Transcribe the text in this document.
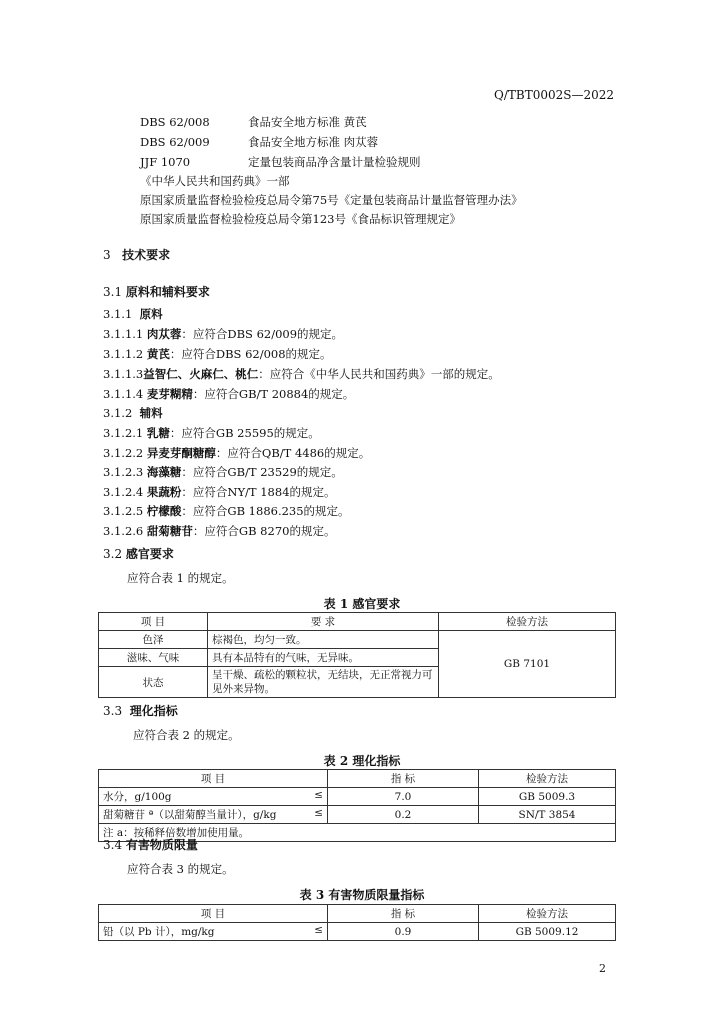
Q/TBT0002S—2022
DBS 62/008	食品安全地方标准 黄芪
DBS 62/009	食品安全地方标准 肉苁蓉
JJF 1070	定量包装商品净含量计量检验规则
《中华人民共和国药典》一部
原国家质量监督检验检疫总局令第75号《定量包装商品计量监督管理办法》
原国家质量监督检验检疫总局令第123号《食品标识管理规定》
3 技术要求
3.1 原料和辅料要求
3.1.1 原料
3.1.1.1 肉苁蓉：应符合DBS 62/009的规定。
3.1.1.2 黄芪：应符合DBS 62/008的规定。
3.1.1.3益智仁、火麻仁、桃仁：应符合《中华人民共和国药典》一部的规定。
3.1.1.4 麦芽糊精：应符合GB/T 20884的规定。
3.1.2 辅料
3.1.2.1 乳糖：应符合GB 25595的规定。
3.1.2.2 异麦芽酮糖醇：应符合QB/T 4486的规定。
3.1.2.3 海藻糖：应符合GB/T 23529的规定。
3.1.2.4 果蔬粉：应符合NY/T 1884的规定。
3.1.2.5 柠檬酸：应符合GB 1886.235的规定。
3.1.2.6 甜菊糖苷：应符合GB 8270的规定。
3.2 感官要求
应符合表 1 的规定。
表 1 感官要求
项 目	要 求	检验方法
色泽	棕褐色，均匀一致。	GB 7101
滋味、气味	具有本品特有的气味，无异味。	
状态	呈干燥、疏松的颗粒状，无结块，无正常视力可见外来异物。	
3.3 理化指标
应符合表 2 的规定。
表 2 理化指标
项 目	指 标	检验方法
水分，g/100g ≤	7.0	GB 5009.3
甜菊糖苷 ª（以甜菊醇当量计），g/kg ≤	0.2	SN/T 3854
注 a：按稀释倍数增加使用量。		
3.4 有害物质限量
应符合表 3 的规定。
表 3 有害物质限量指标
项 目	指 标	检验方法
铅（以 Pb 计），mg/kg ≤	0.9	GB 5009.12
2
